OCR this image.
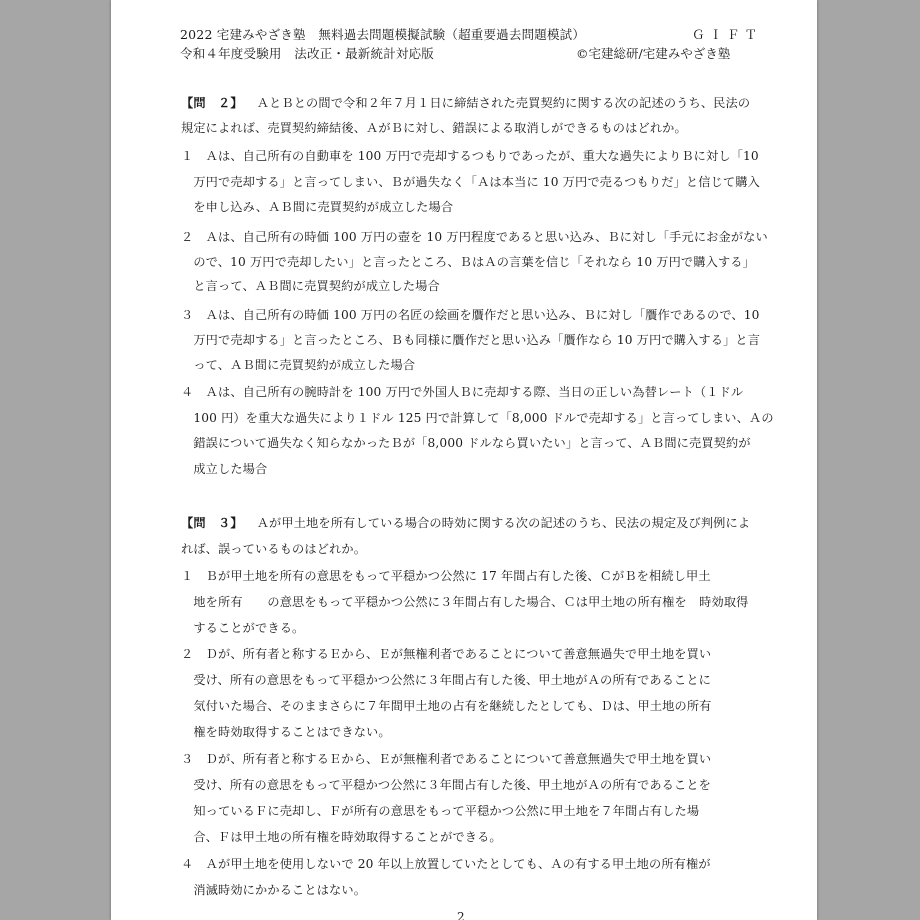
2022 宅建みやざき塾　無料過去問題模擬試験（超重要過去問題模試）	ＧＩＦＴ
令和４年度受験用　法改正・最新統計対応版	©宅建総研/宅建みやざき塾
【問　２】 ＡとＢとの間で令和２年７月１日に締結された売買契約に関する次の記述のうち、民法の
規定によれば、売買契約締結後、ＡがＢに対し、錯誤による取消しができるものはどれか。
１　Ａは、自己所有の自動車を 100 万円で売却するつもりであったが、重大な過失によりＢに対し「10
　万円で売却する」と言ってしまい、Ｂが過失なく「Ａは本当に 10 万円で売るつもりだ」と信じて購入
　を申し込み、ＡＢ間に売買契約が成立した場合
２　Ａは、自己所有の時価 100 万円の壺を 10 万円程度であると思い込み、Ｂに対し「手元にお金がない
　ので、10 万円で売却したい」と言ったところ、ＢはＡの言葉を信じ「それなら 10 万円で購入する」
　と言って、ＡＢ間に売買契約が成立した場合
３　Ａは、自己所有の時価 100 万円の名匠の絵画を贋作だと思い込み、Ｂに対し「贋作であるので、10
　万円で売却する」と言ったところ、Ｂも同様に贋作だと思い込み「贋作なら 10 万円で購入する」と言
　って、ＡＢ間に売買契約が成立した場合
４　Ａは、自己所有の腕時計を 100 万円で外国人Ｂに売却する際、当日の正しい為替レート（１ドル
　100 円）を重大な過失により１ドル 125 円で計算して「8,000 ドルで売却する」と言ってしまい、Ａの
　錯誤について過失なく知らなかったＢが「8,000 ドルなら買いたい」と言って、ＡＢ間に売買契約が
　成立した場合
【問　３】 Ａが甲土地を所有している場合の時効に関する次の記述のうち、民法の規定及び判例によ
れば、誤っているものはどれか。
１　Ｂが甲土地を所有の意思をもって平穏かつ公然に 17 年間占有した後、ＣがＢを相続し甲土
　地を所有　　の意思をもって平穏かつ公然に３年間占有した場合、Ｃは甲土地の所有権を　時効取得
　することができる。
２　Ｄが、所有者と称するＥから、Ｅが無権利者であることについて善意無過失で甲土地を買い
　受け、所有の意思をもって平穏かつ公然に３年間占有した後、甲土地がＡの所有であることに
　気付いた場合、そのままさらに７年間甲土地の占有を継続したとしても、Ｄは、甲土地の所有
　権を時効取得することはできない。
３　Ｄが、所有者と称するＥから、Ｅが無権利者であることについて善意無過失で甲土地を買い
　受け、所有の意思をもって平穏かつ公然に３年間占有した後、甲土地がＡの所有であることを
　知っているＦに売却し、Ｆが所有の意思をもって平穏かつ公然に甲土地を７年間占有した場
　合、Ｆは甲土地の所有権を時効取得することができる。
４　Ａが甲土地を使用しないで 20 年以上放置していたとしても、Ａの有する甲土地の所有権が
　消滅時効にかかることはない。
2
